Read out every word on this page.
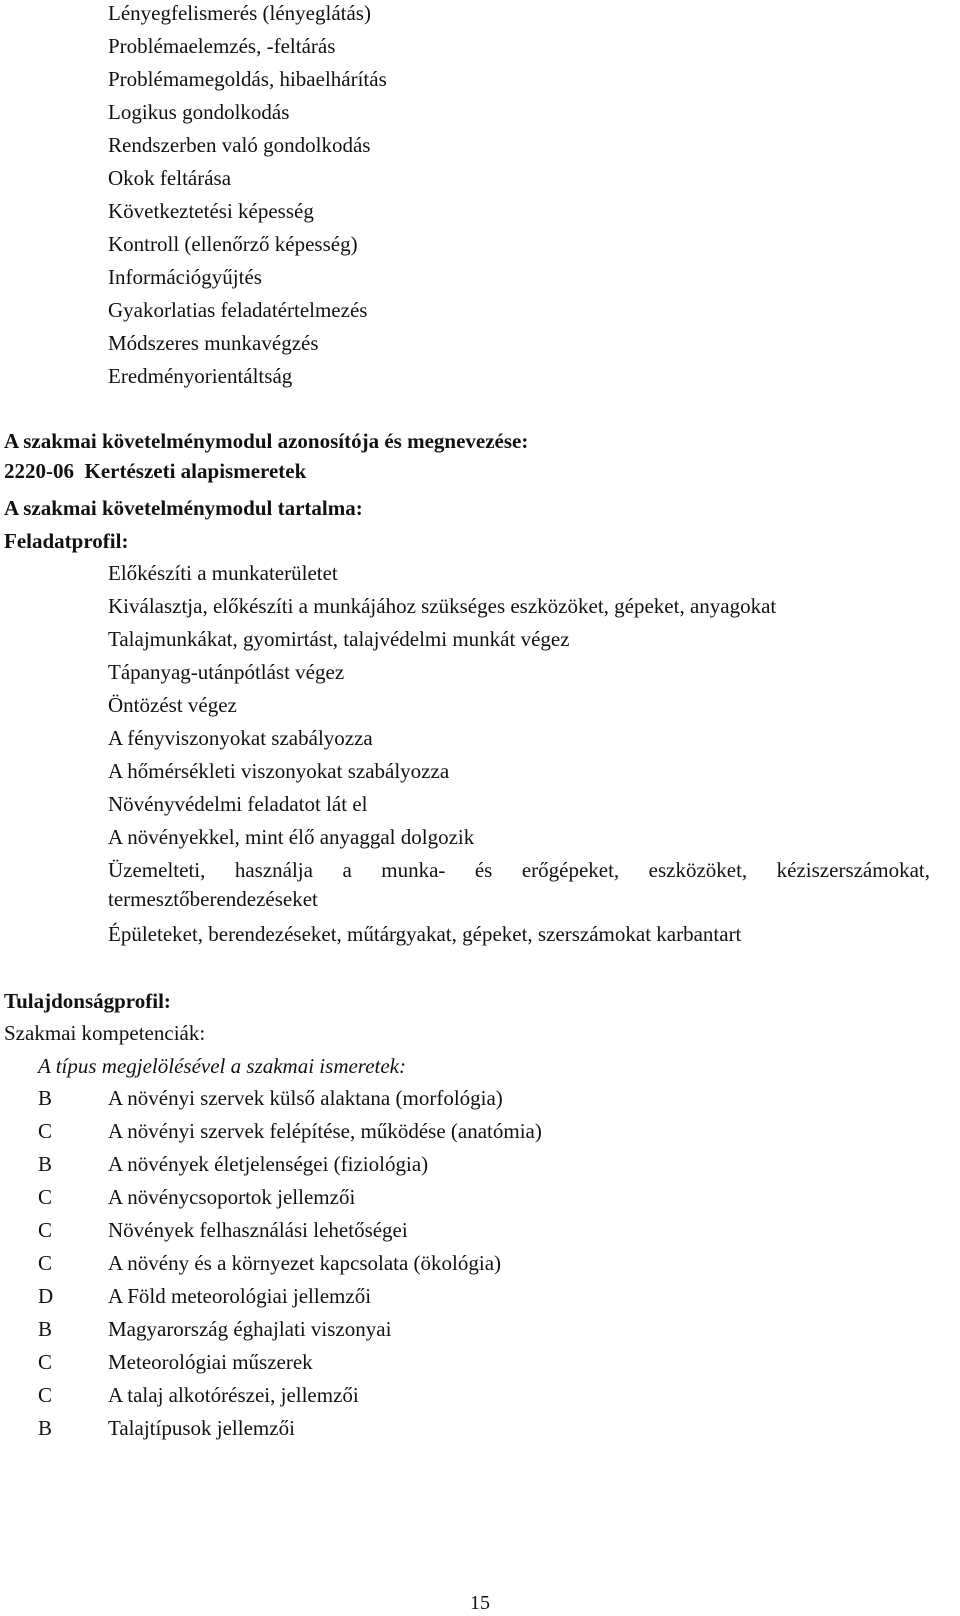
Lényegfelismerés (lényeglátás)
Problémaelemzés, -feltárás
Problémamegoldás, hibaelhárítás
Logikus gondolkodás
Rendszerben való gondolkodás
Okok feltárása
Következtetési képesség
Kontroll (ellenőrző képesség)
Információgyűjtés
Gyakorlatias feladatértelmezés
Módszeres munkavégzés
Eredményorientáltság
A szakmai követelménymodul azonosítója és megnevezése:
2220-06  Kertészeti alapismeretek
A szakmai követelménymodul tartalma:
Feladatprofil:
Előkészíti a munkaterületet
Kiválasztja, előkészíti a munkájához szükséges eszközöket, gépeket, anyagokat
Talajmunkákat, gyomirtást, talajvédelmi munkát végez
Tápanyag-utánpótlást végez
Öntözést végez
A fényviszonyokat szabályozza
A hőmérsékleti viszonyokat szabályozza
Növényvédelmi feladatot lát el
A növényekkel, mint élő anyaggal dolgozik
Üzemelteti, használja a munka- és erőgépeket, eszközöket, kéziszerszámokat,
termesztőberendezéseket
Épületeket, berendezéseket, műtárgyakat, gépeket, szerszámokat karbantart
Tulajdonságprofil:
Szakmai kompetenciák:
A típus megjelölésével a szakmai ismeretek:
B	A növényi szervek külső alaktana (morfológia)
C	A növényi szervek felépítése, működése (anatómia)
B	A növények életjelenségei (fiziológia)
C	A növénycsoportok jellemzői
C	Növények felhasználási lehetőségei
C	A növény és a környezet kapcsolata (ökológia)
D	A Föld meteorológiai jellemzői
B	Magyarország éghajlati viszonyai
C	Meteorológiai műszerek
C	A talaj alkotórészei, jellemzői
B	Talajtípusok jellemzői
15
